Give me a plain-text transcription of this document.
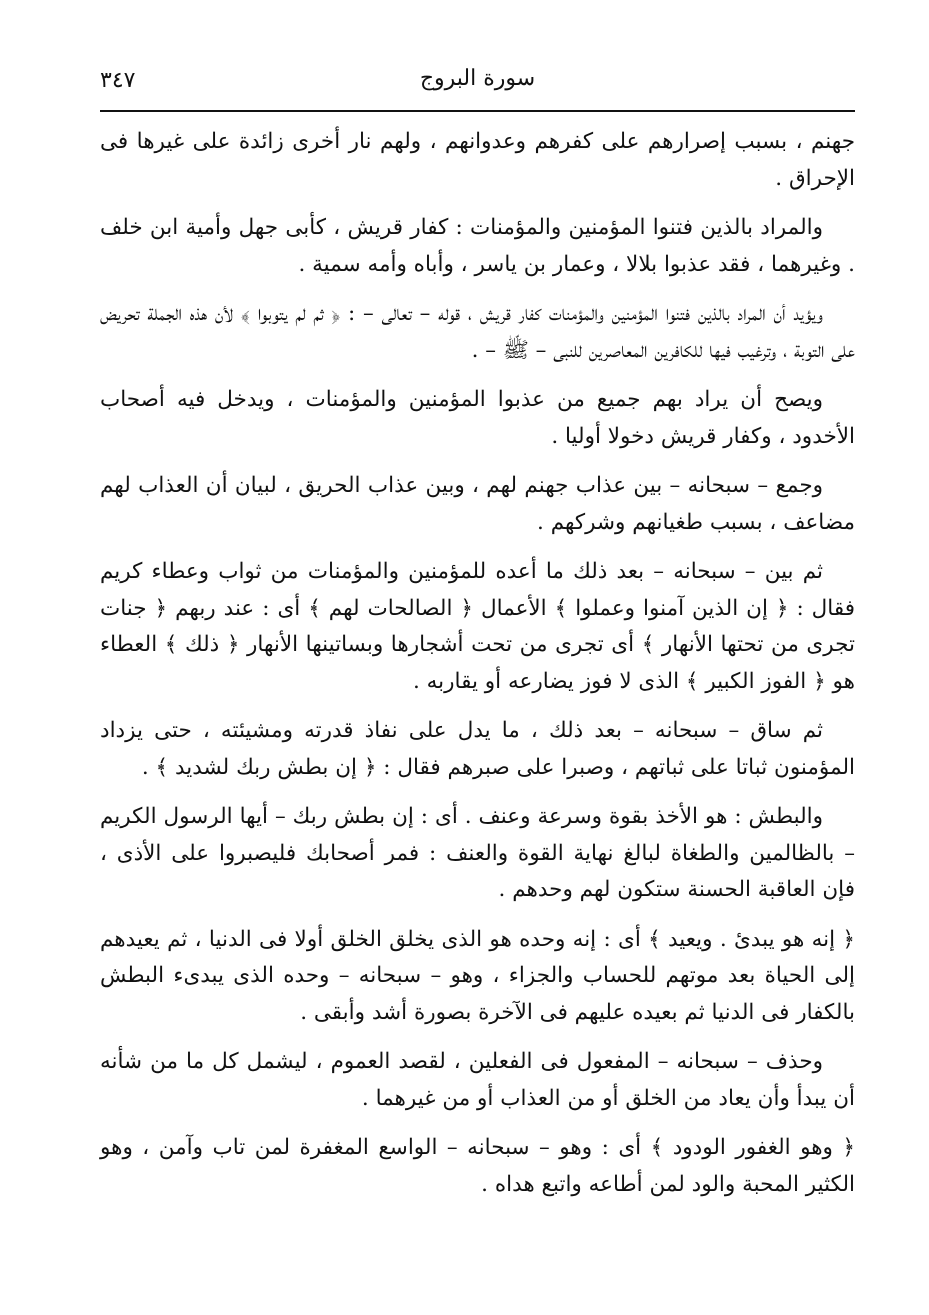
سورة البروج
٣٤٧

جهنم ، بسبب إصرارهم على كفرهم وعدوانهم ، ولهم نار أخرى زائدة على غيرها فى الإحراق .

والمراد بالذين فتنوا المؤمنين والمؤمنات : كفار قريش ، كأبى جهل وأمية ابن خلف . وغيرهما ، فقد عذبوا بلالا ، وعمار بن ياسر ، وأباه وأمه سمية .

ويؤيد أن المراد بالذين فتنوا المؤمنين والمؤمنات كفار قريش ، قوله – تعالى – : ﴿ ثم لم يتوبوا ﴾ لأن هذه الجملة تحريض على التوبة ، وترغيب فيها للكافرين المعاصرين للنبى – ﷺ – .

ويصح أن يراد بهم جميع من عذبوا المؤمنين والمؤمنات ، ويدخل فيه أصحاب الأخدود ، وكفار قريش دخولا أوليا .

وجمع – سبحانه – بين عذاب جهنم لهم ، وبين عذاب الحريق ، لبيان أن العذاب لهم مضاعف ، بسبب طغيانهم وشركهم .

ثم بين – سبحانه – بعد ذلك ما أعده للمؤمنين والمؤمنات من ثواب وعطاء كريم فقال : ﴿ إن الذين آمنوا وعملوا ﴾ الأعمال ﴿ الصالحات لهم ﴾ أى : عند ربهم ﴿ جنات تجرى من تحتها الأنهار ﴾ أى تجرى من تحت أشجارها وبساتينها الأنهار ﴿ ذلك ﴾ العطاء هو ﴿ الفوز الكبير ﴾ الذى لا فوز يضارعه أو يقاربه .

ثم ساق – سبحانه – بعد ذلك ، ما يدل على نفاذ قدرته ومشيئته ، حتى يزداد المؤمنون ثباتا على ثباتهم ، وصبرا على صبرهم فقال : ﴿ إن بطش ربك لشديد ﴾ .

والبطش : هو الأخذ بقوة وسرعة وعنف . أى : إن بطش ربك – أيها الرسول الكريم – بالظالمين والطغاة لبالغ نهاية القوة والعنف : فمر أصحابك فليصبروا على الأذى ، فإن العاقبة الحسنة ستكون لهم وحدهم .

﴿ إنه هو يبدئ . ويعيد ﴾ أى : إنه وحده هو الذى يخلق الخلق أولا فى الدنيا ، ثم يعيدهم إلى الحياة بعد موتهم للحساب والجزاء ، وهو – سبحانه – وحده الذى يبدىء البطش بالكفار فى الدنيا ثم بعيده عليهم فى الآخرة بصورة أشد وأبقى .

وحذف – سبحانه – المفعول فى الفعلين ، لقصد العموم ، ليشمل كل ما من شأنه أن يبدأ وأن يعاد من الخلق أو من العذاب أو من غيرهما .

﴿ وهو الغفور الودود ﴾ أى : وهو – سبحانه – الواسع المغفرة لمن تاب وآمن ، وهو الكثير المحبة والود لمن أطاعه واتبع هداه .
